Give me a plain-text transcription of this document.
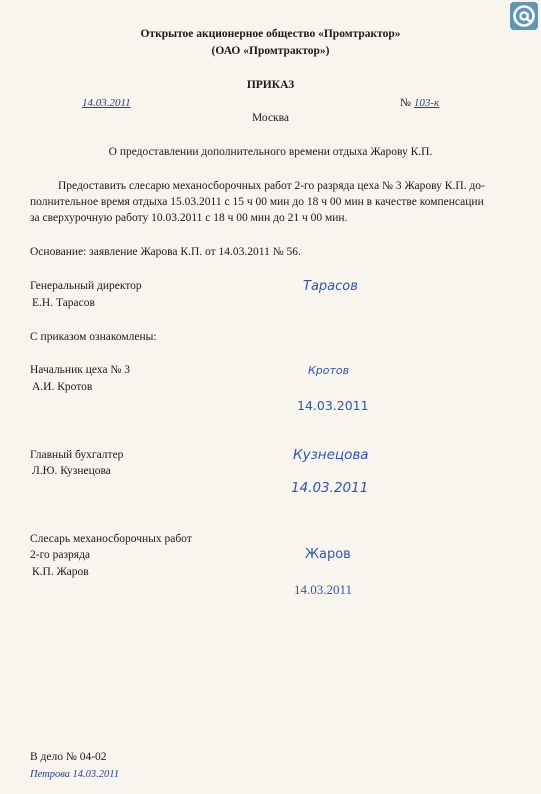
Открытое акционерное общество «Промтрактор»
(ОАО «Промтрактор»)
ПРИКАЗ
14.03.2011	№ 103-к
Москва
О предоставлении дополнительного времени отдыха Жарову К.П.
Предоставить слесарю механосборочных работ 2-го разряда цеха № 3 Жарову К.П. до-
полнительное время отдыха 15.03.2011 с 15 ч 00 мин до 18 ч 00 мин в качестве компенсации
за сверхурочную работу 10.03.2011 с 18 ч 00 мин до 21 ч 00 мин.
Основание: заявление Жарова К.П. от 14.03.2011 № 56.
Генеральный директор
Е.Н. Тарасов
Тарасов
С приказом ознакомлены:
Начальник цеха № 3
А.И. Кротов
Кротов
14.03.2011
Главный бухгалтер
Л.Ю. Кузнецова
Кузнецова
14.03.2011
Слесарь механосборочных работ
2-го разряда
К.П. Жаров
Жаров
14.03.2011
В дело № 04-02
Петрова 14.03.2011
